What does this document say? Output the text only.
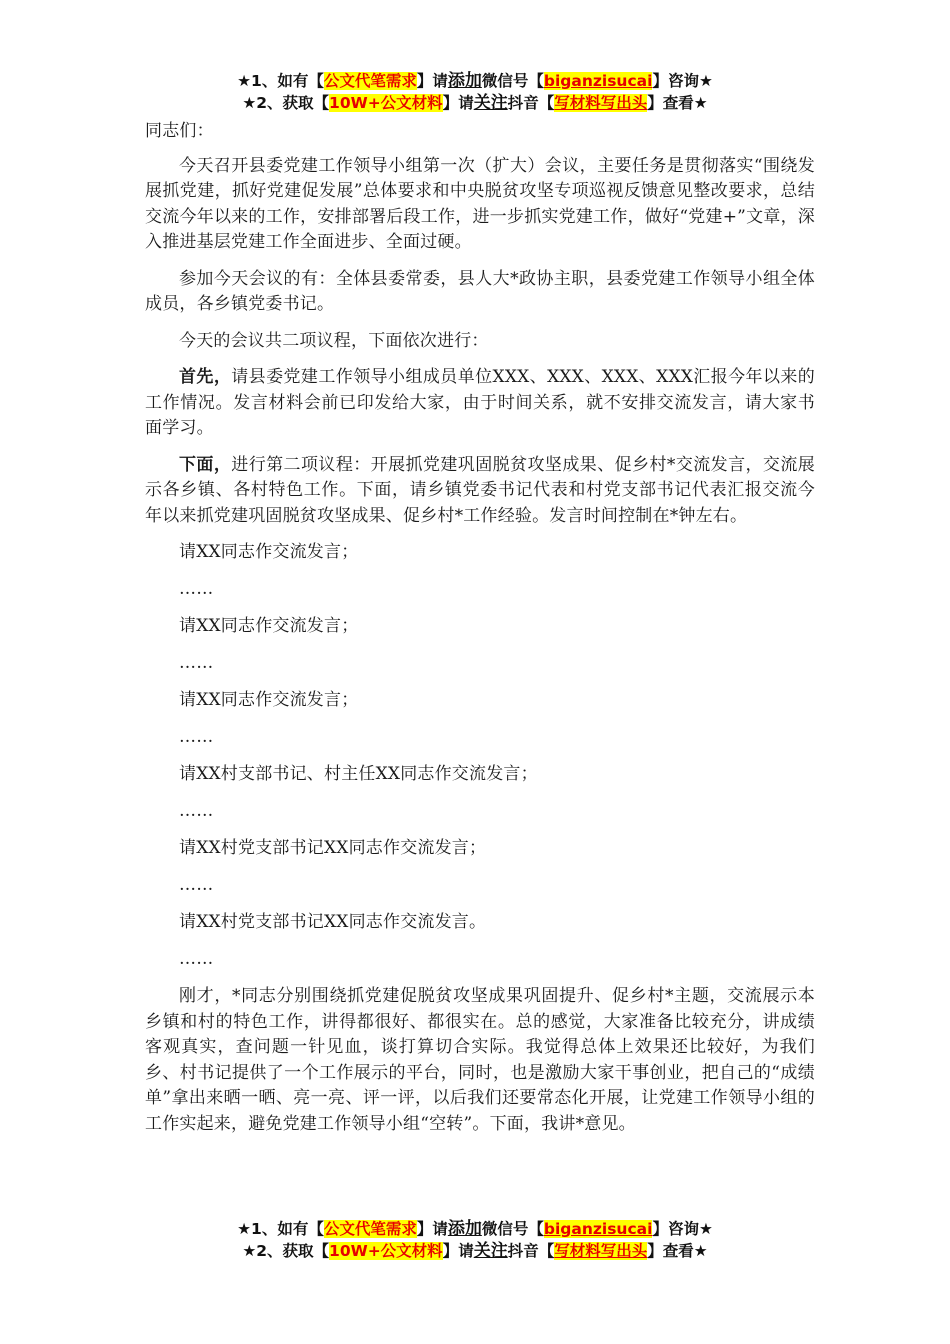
★1、如有【公文代笔需求】请添加微信号【biganzisucai】咨询★
★2、获取【10W+公文材料】请关注抖音【写材料写出头】查看★

同志们：

今天召开县委党建工作领导小组第一次（扩大）会议，主要任务是贯彻落实“围绕发展抓党建，抓好党建促发展”总体要求和中央脱贫攻坚专项巡视反馈意见整改要求，总结交流今年以来的工作，安排部署后段工作，进一步抓实党建工作，做好“党建+”文章，深入推进基层党建工作全面进步、全面过硬。

参加今天会议的有：全体县委常委，县人大*政协主职，县委党建工作领导小组全体成员，各乡镇党委书记。

今天的会议共二项议程，下面依次进行：

首先，请县委党建工作领导小组成员单位XXX、XXX、XXX、XXX汇报今年以来的工作情况。发言材料会前已印发给大家，由于时间关系，就不安排交流发言，请大家书面学习。

下面，进行第二项议程：开展抓党建巩固脱贫攻坚成果、促乡村*交流发言，交流展示各乡镇、各村特色工作。下面，请乡镇党委书记代表和村党支部书记代表汇报交流今年以来抓党建巩固脱贫攻坚成果、促乡村*工作经验。发言时间控制在*钟左右。

请XX同志作交流发言；

……

请XX同志作交流发言；

……

请XX同志作交流发言；

……

请XX村支部书记、村主任XX同志作交流发言；

……

请XX村党支部书记XX同志作交流发言；

……

请XX村党支部书记XX同志作交流发言。

……

刚才，*同志分别围绕抓党建促脱贫攻坚成果巩固提升、促乡村*主题，交流展示本乡镇和村的特色工作，讲得都很好、都很实在。总的感觉，大家准备比较充分，讲成绩客观真实，查问题一针见血，谈打算切合实际。我觉得总体上效果还比较好，为我们乡、村书记提供了一个工作展示的平台，同时，也是激励大家干事创业，把自己的“成绩单”拿出来晒一晒、亮一亮、评一评，以后我们还要常态化开展，让党建工作领导小组的工作实起来，避免党建工作领导小组“空转”。下面，我讲*意见。

★1、如有【公文代笔需求】请添加微信号【biganzisucai】咨询★
★2、获取【10W+公文材料】请关注抖音【写材料写出头】查看★
